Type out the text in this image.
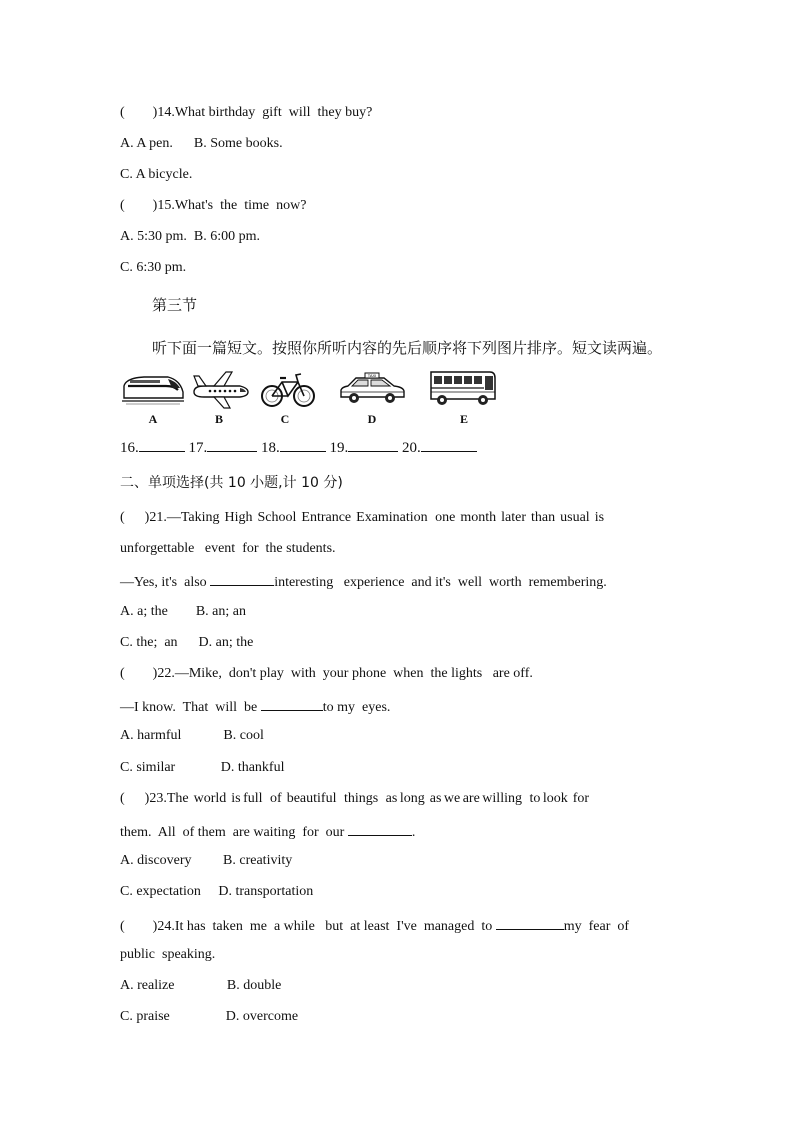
(        )14.What birthday  gift  will  they buy?
A. A pen.      B. Some books.
C. A bicycle.
(        )15.What's  the  time  now?
A. 5:30 pm.  B. 6:00 pm.
C. 6:30 pm.
第三节
听下面一篇短文。按照你所听内容的先后顺序将下列图片排序。短文读两遍。
TAXI
A	B	C	D	E
16.	17.	18.	19.	20.
二、单项选择(共 10 小题,计 10 分)
(        )21.—Taking  High  School  Entrance  Examination   one  month  later  than  usual  is
unforgettable   event  for  the students.
—Yes, it's  also	interesting   experience  and it's  well  worth  remembering.
A. a; the        B. an; an
C. the;  an      D. an; the
(        )22.—Mike,  don't play  with  your phone  when  the lights   are off.
—I know.  That  will  be	to my  eyes.
A. harmful            B. cool
C. similar             D. thankful
(        )23.The  world  is full   of  beautiful   things   as long  as we are willing   to look  for
them.  All  of them  are waiting  for  our	.
A. discovery         B. creativity
C. expectation     D. transportation
(        )24.It has  taken  me  a while   but  at least  I've  managed  to	my  fear  of
public  speaking.
A. realize               B. double
C. praise                D. overcome
